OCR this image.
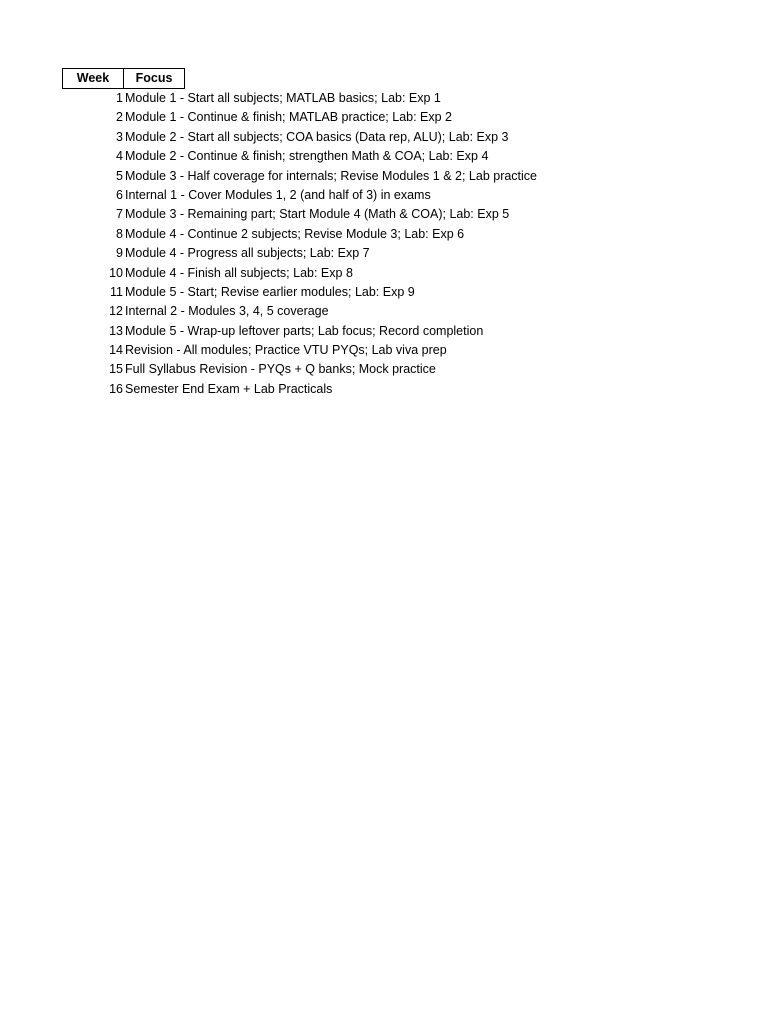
Week	Focus
1 Module 1 - Start all subjects; MATLAB basics; Lab: Exp 1
2 Module 1 - Continue & finish; MATLAB practice; Lab: Exp 2
3 Module 2 - Start all subjects; COA basics (Data rep, ALU); Lab: Exp 3
4 Module 2 - Continue & finish; strengthen Math & COA; Lab: Exp 4
5 Module 3 - Half coverage for internals; Revise Modules 1 & 2; Lab practice
6 Internal 1 - Cover Modules 1, 2 (and half of 3) in exams
7 Module 3 - Remaining part; Start Module 4 (Math & COA); Lab: Exp 5
8 Module 4 - Continue 2 subjects; Revise Module 3; Lab: Exp 6
9 Module 4 - Progress all subjects; Lab: Exp 7
10 Module 4 - Finish all subjects; Lab: Exp 8
11 Module 5 - Start; Revise earlier modules; Lab: Exp 9
12 Internal 2 - Modules 3, 4, 5 coverage
13 Module 5 - Wrap-up leftover parts; Lab focus; Record completion
14 Revision - All modules; Practice VTU PYQs; Lab viva prep
15 Full Syllabus Revision - PYQs + Q banks; Mock practice
16 Semester End Exam + Lab Practicals
